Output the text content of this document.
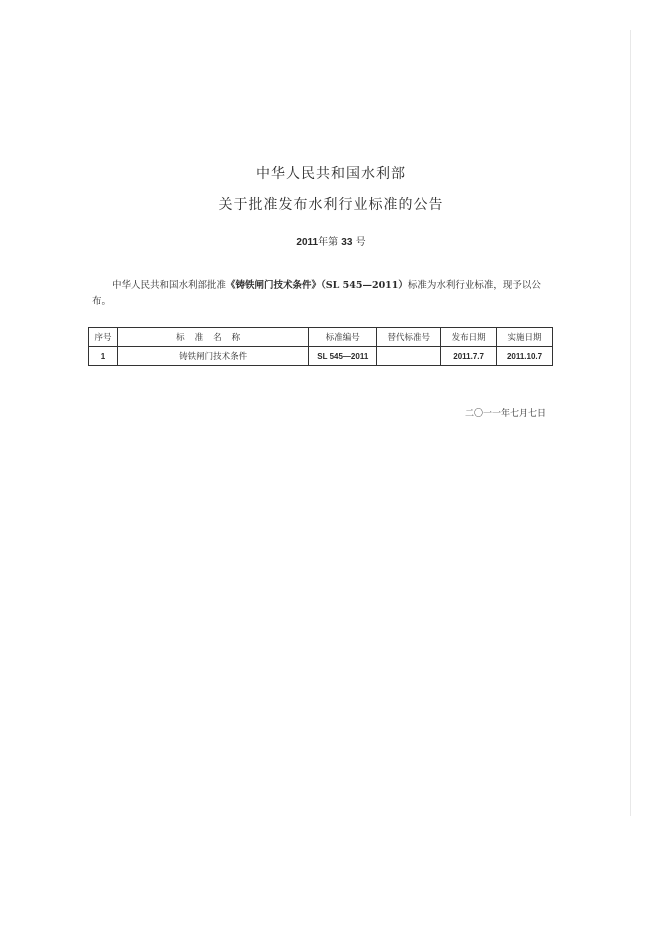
中华人民共和国水利部
关于批准发布水利行业标准的公告
2011年第 33 号
中华人民共和国水利部批准《铸铁闸门技术条件》（SL 545—2011）标准为水利行业标准，现予以公布。
序号	标准名称	标准编号	替代标准号	发布日期	实施日期
1	铸铁闸门技术条件	SL 545—2011		2011.7.7	2011.10.7
二〇一一年七月七日
